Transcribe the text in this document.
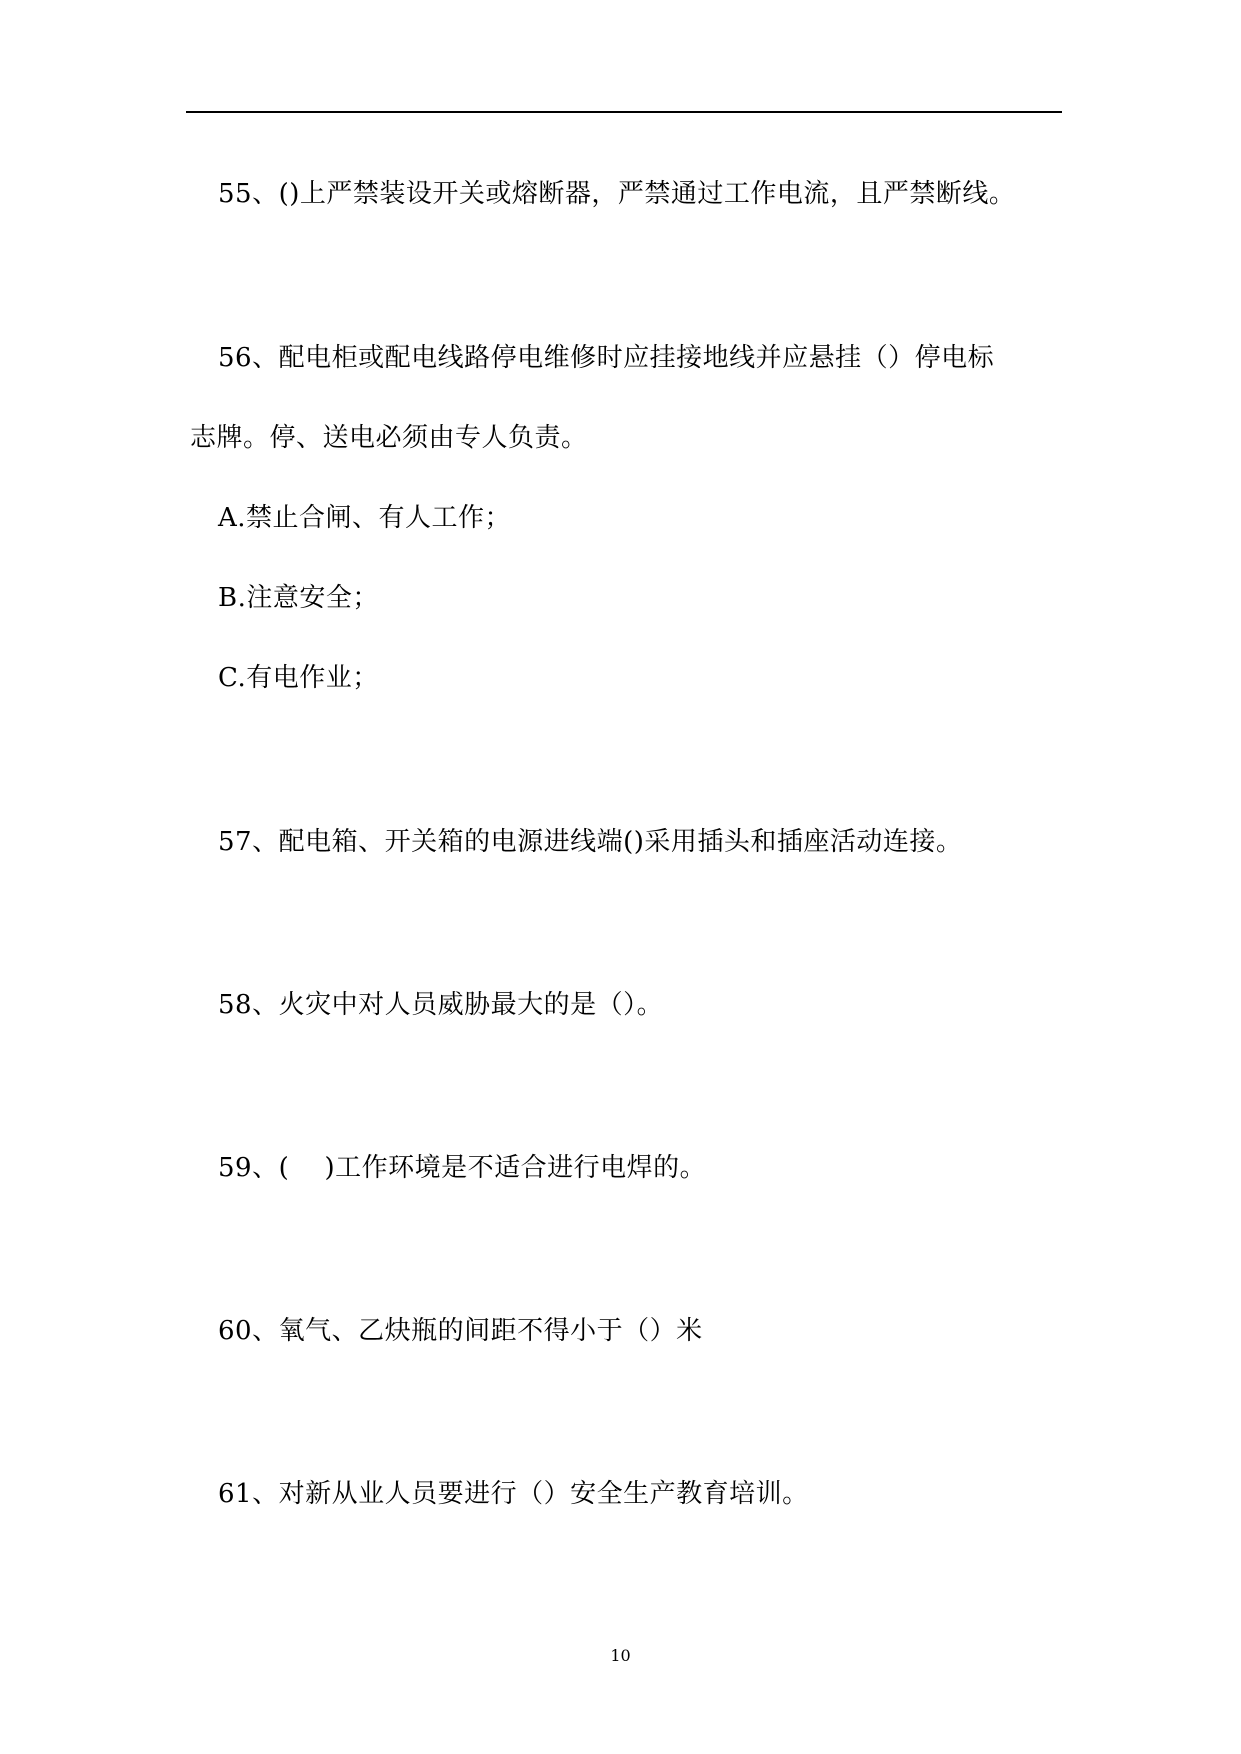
55、()上严禁装设开关或熔断器，严禁通过工作电流，且严禁断线。
56、配电柜或配电线路停电维修时应挂接地线并应悬挂（）停电标
志牌。停、送电必须由专人负责。
A.禁止合闸、有人工作；
B.注意安全；
C.有电作业；
57、配电箱、开关箱的电源进线端()采用插头和插座活动连接。
58、火灾中对人员威胁最大的是（）。
59、(　 )工作环境是不适合进行电焊的。
60、氧气、乙炔瓶的间距不得小于（）米
61、对新从业人员要进行（）安全生产教育培训。
10
